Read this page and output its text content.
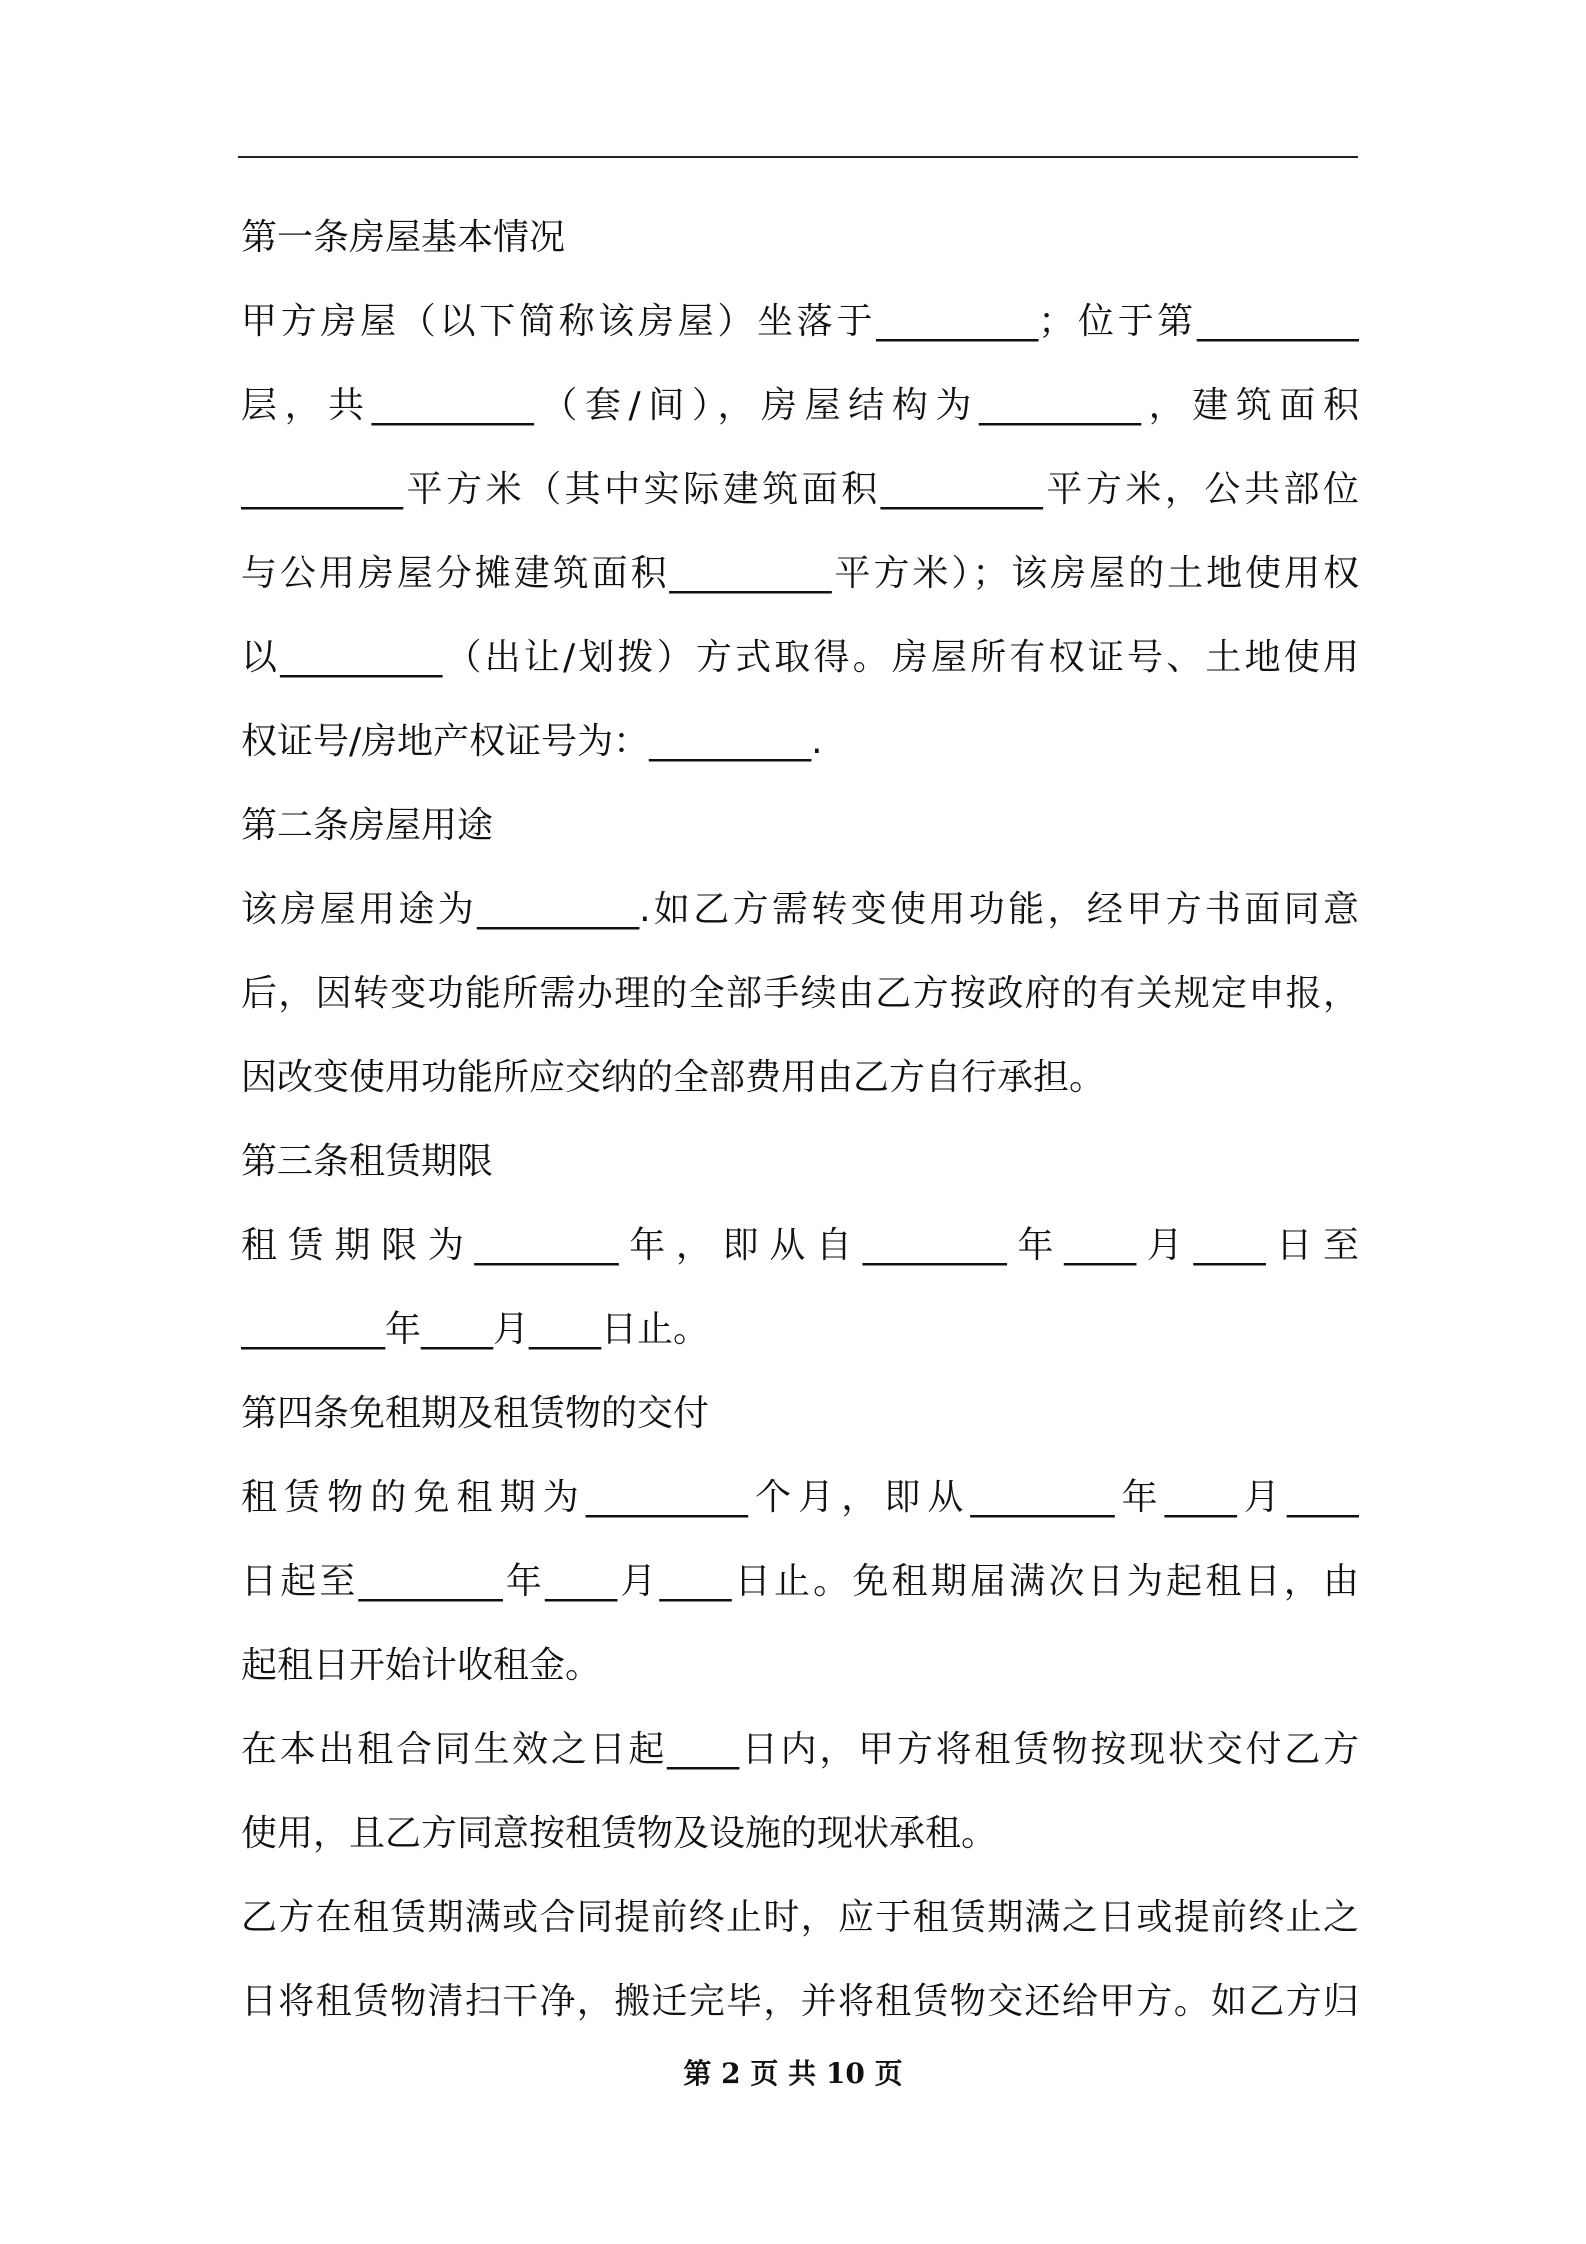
第一条房屋基本情况
甲方房屋（以下简称该房屋）坐落于_________；位于第_________
层，共_________（套/间），房屋结构为_________，建筑面积
_________平方米（其中实际建筑面积_________平方米，公共部位
与公用房屋分摊建筑面积_________平方米）；该房屋的土地使用权
以_________（出让/划拨）方式取得。房屋所有权证号、土地使用
权证号/房地产权证号为：_________.
第二条房屋用途
该房屋用途为_________.如乙方需转变使用功能，经甲方书面同意
后，因转变功能所需办理的全部手续由乙方按政府的有关规定申报，
因改变使用功能所应交纳的全部费用由乙方自行承担。
第三条租赁期限
租赁期限为________年，即从自________年____月____日至
________年____月____日止。
第四条免租期及租赁物的交付
租赁物的免租期为_________个月，即从________年____月____
日起至________年____月____日止。免租期届满次日为起租日，由
起租日开始计收租金。
在本出租合同生效之日起____日内，甲方将租赁物按现状交付乙方
使用，且乙方同意按租赁物及设施的现状承租。
乙方在租赁期满或合同提前终止时，应于租赁期满之日或提前终止之
日将租赁物清扫干净，搬迁完毕，并将租赁物交还给甲方。如乙方归
第 2 页 共 10 页
